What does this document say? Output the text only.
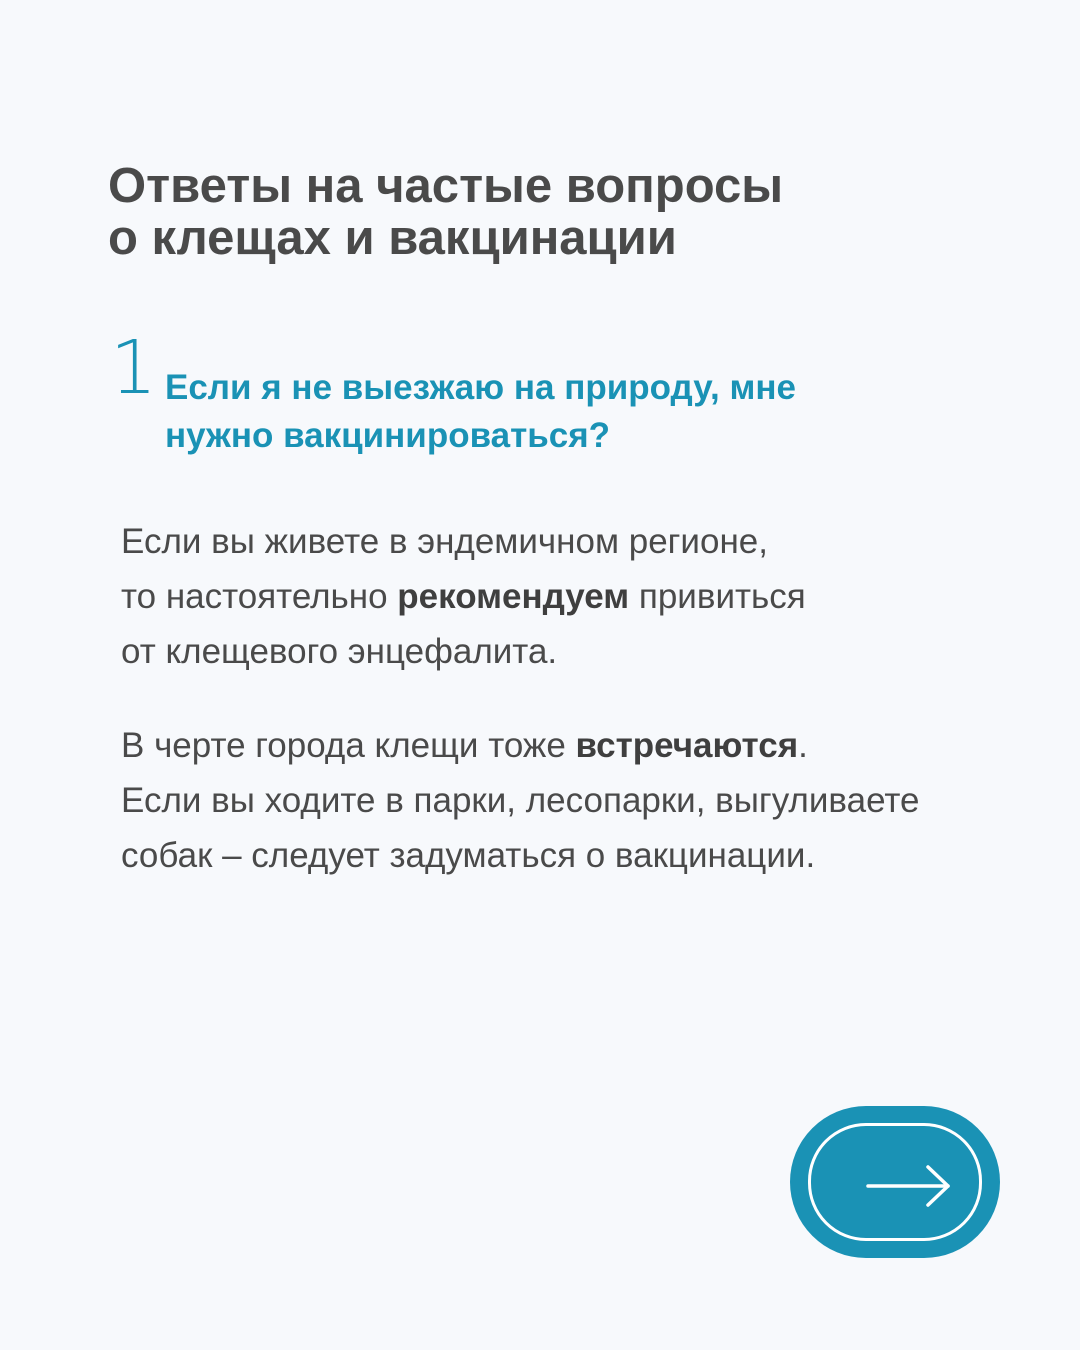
Ответы на частые вопросы
о клещах и вакцинации
1 Если я не выезжаю на природу, мне
нужно вакцинироваться?

Если вы живете в эндемичном регионе,
то настоятельно рекомендуем привиться
от клещевого энцефалита.

В черте города клещи тоже встречаются.
Если вы ходите в парки, лесопарки, выгуливаете
собак – следует задуматься о вакцинации.
